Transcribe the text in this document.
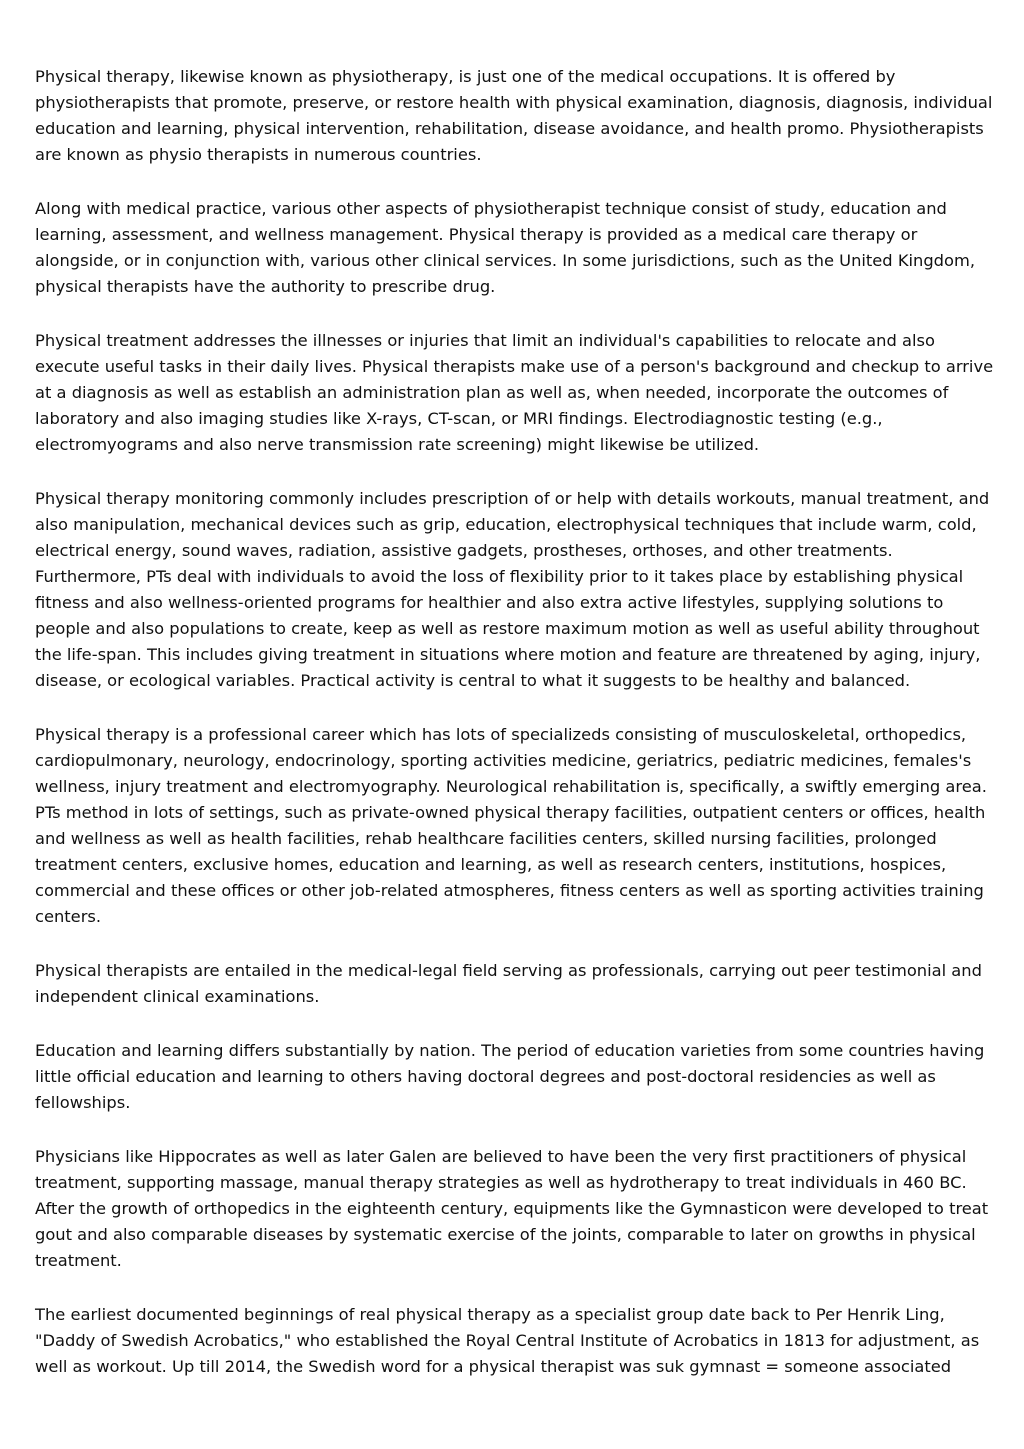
Physical therapy, likewise known as physiotherapy, is just one of the medical occupations. It is offered by physiotherapists that promote, preserve, or restore health with physical examination, diagnosis, diagnosis, individual education and learning, physical intervention, rehabilitation, disease avoidance, and health promo. Physiotherapists are known as physio therapists in numerous countries.

Along with medical practice, various other aspects of physiotherapist technique consist of study, education and learning, assessment, and wellness management. Physical therapy is provided as a medical care therapy or alongside, or in conjunction with, various other clinical services. In some jurisdictions, such as the United Kingdom, physical therapists have the authority to prescribe drug.

Physical treatment addresses the illnesses or injuries that limit an individual's capabilities to relocate and also execute useful tasks in their daily lives. Physical therapists make use of a person's background and checkup to arrive at a diagnosis as well as establish an administration plan as well as, when needed, incorporate the outcomes of laboratory and also imaging studies like X-rays, CT-scan, or MRI findings. Electrodiagnostic testing (e.g., electromyograms and also nerve transmission rate screening) might likewise be utilized.

Physical therapy monitoring commonly includes prescription of or help with details workouts, manual treatment, and also manipulation, mechanical devices such as grip, education, electrophysical techniques that include warm, cold, electrical energy, sound waves, radiation, assistive gadgets, prostheses, orthoses, and other treatments. Furthermore, PTs deal with individuals to avoid the loss of flexibility prior to it takes place by establishing physical fitness and also wellness-oriented programs for healthier and also extra active lifestyles, supplying solutions to people and also populations to create, keep as well as restore maximum motion as well as useful ability throughout the life-span. This includes giving treatment in situations where motion and feature are threatened by aging, injury, disease, or ecological variables. Practical activity is central to what it suggests to be healthy and balanced.

Physical therapy is a professional career which has lots of specializeds consisting of musculoskeletal, orthopedics, cardiopulmonary, neurology, endocrinology, sporting activities medicine, geriatrics, pediatric medicines, females's wellness, injury treatment and electromyography. Neurological rehabilitation is, specifically, a swiftly emerging area. PTs method in lots of settings, such as private-owned physical therapy facilities, outpatient centers or offices, health and wellness as well as health facilities, rehab healthcare facilities centers, skilled nursing facilities, prolonged treatment centers, exclusive homes, education and learning, as well as research centers, institutions, hospices, commercial and these offices or other job-related atmospheres, fitness centers as well as sporting activities training centers.

Physical therapists are entailed in the medical-legal field serving as professionals, carrying out peer testimonial and independent clinical examinations.

Education and learning differs substantially by nation. The period of education varieties from some countries having little official education and learning to others having doctoral degrees and post-doctoral residencies as well as fellowships.

Physicians like Hippocrates as well as later Galen are believed to have been the very first practitioners of physical treatment, supporting massage, manual therapy strategies as well as hydrotherapy to treat individuals in 460 BC. After the growth of orthopedics in the eighteenth century, equipments like the Gymnasticon were developed to treat gout and also comparable diseases by systematic exercise of the joints, comparable to later on growths in physical treatment.

The earliest documented beginnings of real physical therapy as a specialist group date back to Per Henrik Ling, "Daddy of Swedish Acrobatics," who established the Royal Central Institute of Acrobatics in 1813 for adjustment, as well as workout. Up till 2014, the Swedish word for a physical therapist was suk gymnast = someone associated
